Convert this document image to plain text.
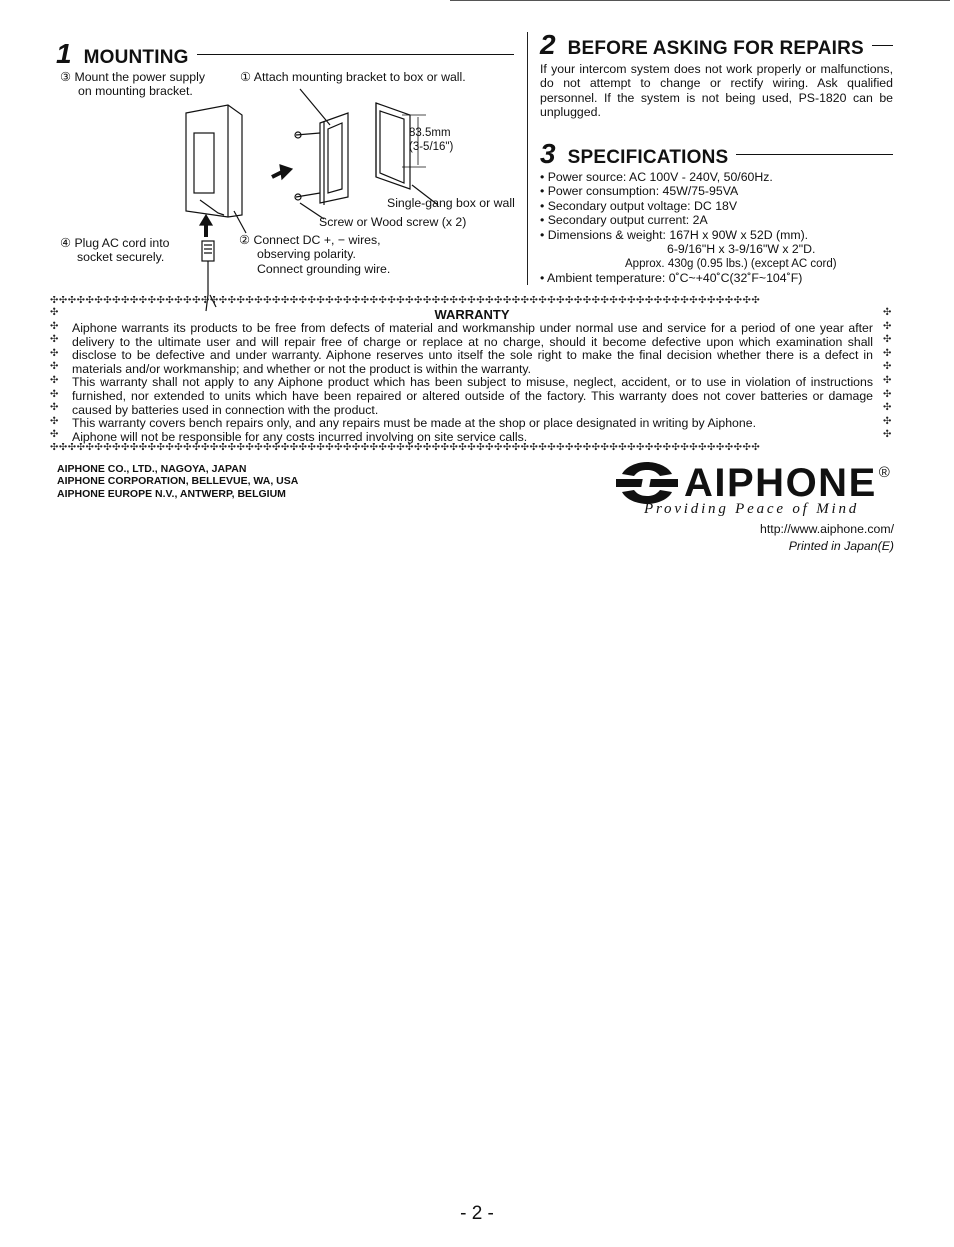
1 MOUNTING
③ Mount the power supply
on mounting bracket.
① Attach mounting bracket to box or wall.
83.5mm
(3-5/16")
Single-gang box or wall
Screw or Wood screw (x 2)
④ Plug AC cord into
socket securely.
② Connect DC +, − wires,
observing polarity.
Connect grounding wire.
2 BEFORE ASKING FOR REPAIRS
If your intercom system does not work properly or malfunctions, do not attempt to change or rectify wiring. Ask qualified personnel. If the system is not being used, PS-1820 can be unplugged.
3 SPECIFICATIONS
• Power source: AC 100V - 240V, 50/60Hz.
• Power consumption: 45W/75-95VA
• Secondary output voltage: DC 18V
• Secondary output current: 2A
• Dimensions & weight: 167H x 90W x 52D (mm).
6-9/16"H x 3-9/16"W x 2"D.
Approx. 430g (0.95 lbs.) (except AC cord)
• Ambient temperature: 0˚C~+40˚C(32˚F~104˚F)
✣✣✣✣✣✣✣✣✣✣✣✣✣✣✣✣✣✣✣✣✣✣✣✣✣✣✣✣✣✣✣✣✣✣✣✣✣✣✣✣✣✣✣✣✣✣✣✣✣✣✣✣✣✣✣✣✣✣✣✣✣✣✣✣✣✣✣✣✣✣✣✣✣✣✣✣✣✣✣✣
✣✣✣✣✣✣✣✣✣✣✣✣✣✣✣✣✣✣✣✣✣✣✣✣✣✣✣✣✣✣✣✣✣✣✣✣✣✣✣✣✣✣✣✣✣✣✣✣✣✣✣✣✣✣✣✣✣✣✣✣✣✣✣✣✣✣✣✣✣✣✣✣✣✣✣✣✣✣✣✣
✣
✣
✣
✣
✣
✣
✣
✣
✣
✣
✣
✣
✣
✣
✣
✣
✣
✣
✣
✣
WARRANTY

Aiphone warrants its products to be free from defects of material and workmanship under normal use and service for a period of one year after delivery to the ultimate user and will repair free of charge or replace at no charge, should it become defective upon which examination shall disclose to be defective and under warranty. Aiphone reserves unto itself the sole right to make the final decision whether there is a defect in materials and/or workmanship; and whether or not the product is within the warranty.

This warranty shall not apply to any Aiphone product which has been subject to misuse, neglect, accident, or to use in violation of instructions furnished, nor extended to units which have been repaired or altered outside of the factory. This warranty does not cover batteries or damage caused by batteries used in connection with the product.

This warranty covers bench repairs only, and any repairs must be made at the shop or place designated in writing by Aiphone.

Aiphone will not be responsible for any costs incurred involving on site service calls.

AIPHONE CO., LTD., NAGOYA, JAPAN
AIPHONE CORPORATION, BELLEVUE, WA, USA
AIPHONE EUROPE N.V., ANTWERP, BELGIUM	AIPHONE ®
Providing Peace of Mind
http://www.aiphone.com/
Printed in Japan(E)
- 2 -
